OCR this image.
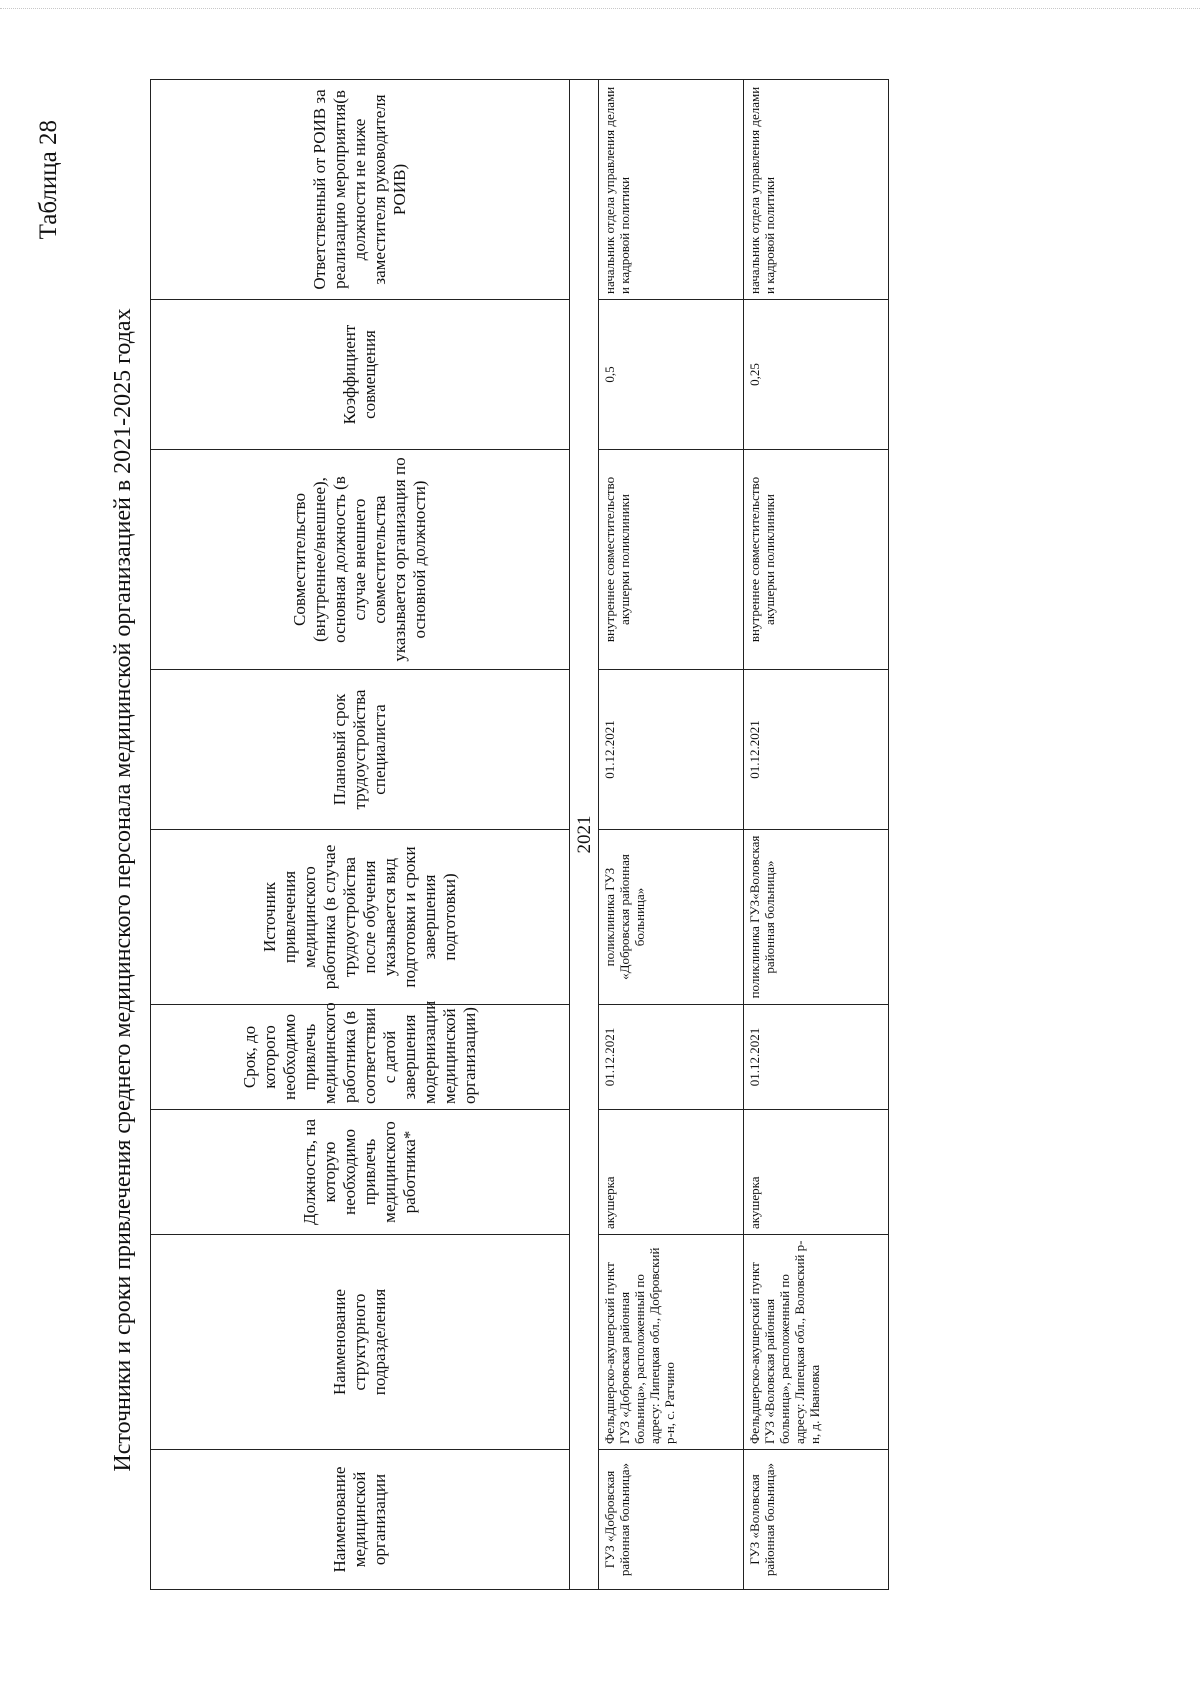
Таблица 28
Источники и сроки привлечения среднего медицинского персонала медицинской организацией в 2021-2025 годах
Наименование медицинской организации	Наименование структурного подразделения	Должность, на которую необходимо привлечь медицинского работника*	Срок, до которого необходимо привлечь медицинского работника (в соответствии с датой завершения модернизации медицинской организации)	Источник привлечения медицинского работника (в случае трудоустройства после обучения указывается вид подготовки и сроки завершения подготовки)	Плановый срок трудоустройства специалиста	Совместительство (внутреннее/внешнее), основная должность (в случае внешнего совместительства указывается организация по основной должности)	Коэффициент совмещения	Ответственный от РОИВ за реализацию мероприятия(в должности не ниже заместителя руководителя РОИВ)
2021								
ГУЗ «Добровская районная больница»	Фельдшерско-акушерский пункт ГУЗ «Добровская районная больница», расположенный по адресу: Липецкая обл., Добровский р-н, с. Ратчино	акушерка	01.12.2021	поликлиника ГУЗ «Добровская районная больница»	01.12.2021	внутреннее совместительство акушерки поликлиники	0,5	начальник отдела управления делами и кадровой политики
ГУЗ «Воловская районная больница»	Фельдшерско-акушерский пункт ГУЗ «Воловская районная больница», расположенный по адресу: Липецкая обл., Воловский р-н, д. Ивановка	акушерка	01.12.2021	поликлиника ГУЗ«Воловская районная больница»	01.12.2021	внутреннее совместительство акушерки поликлиники	0,25	начальник отдела управления делами и кадровой политики
